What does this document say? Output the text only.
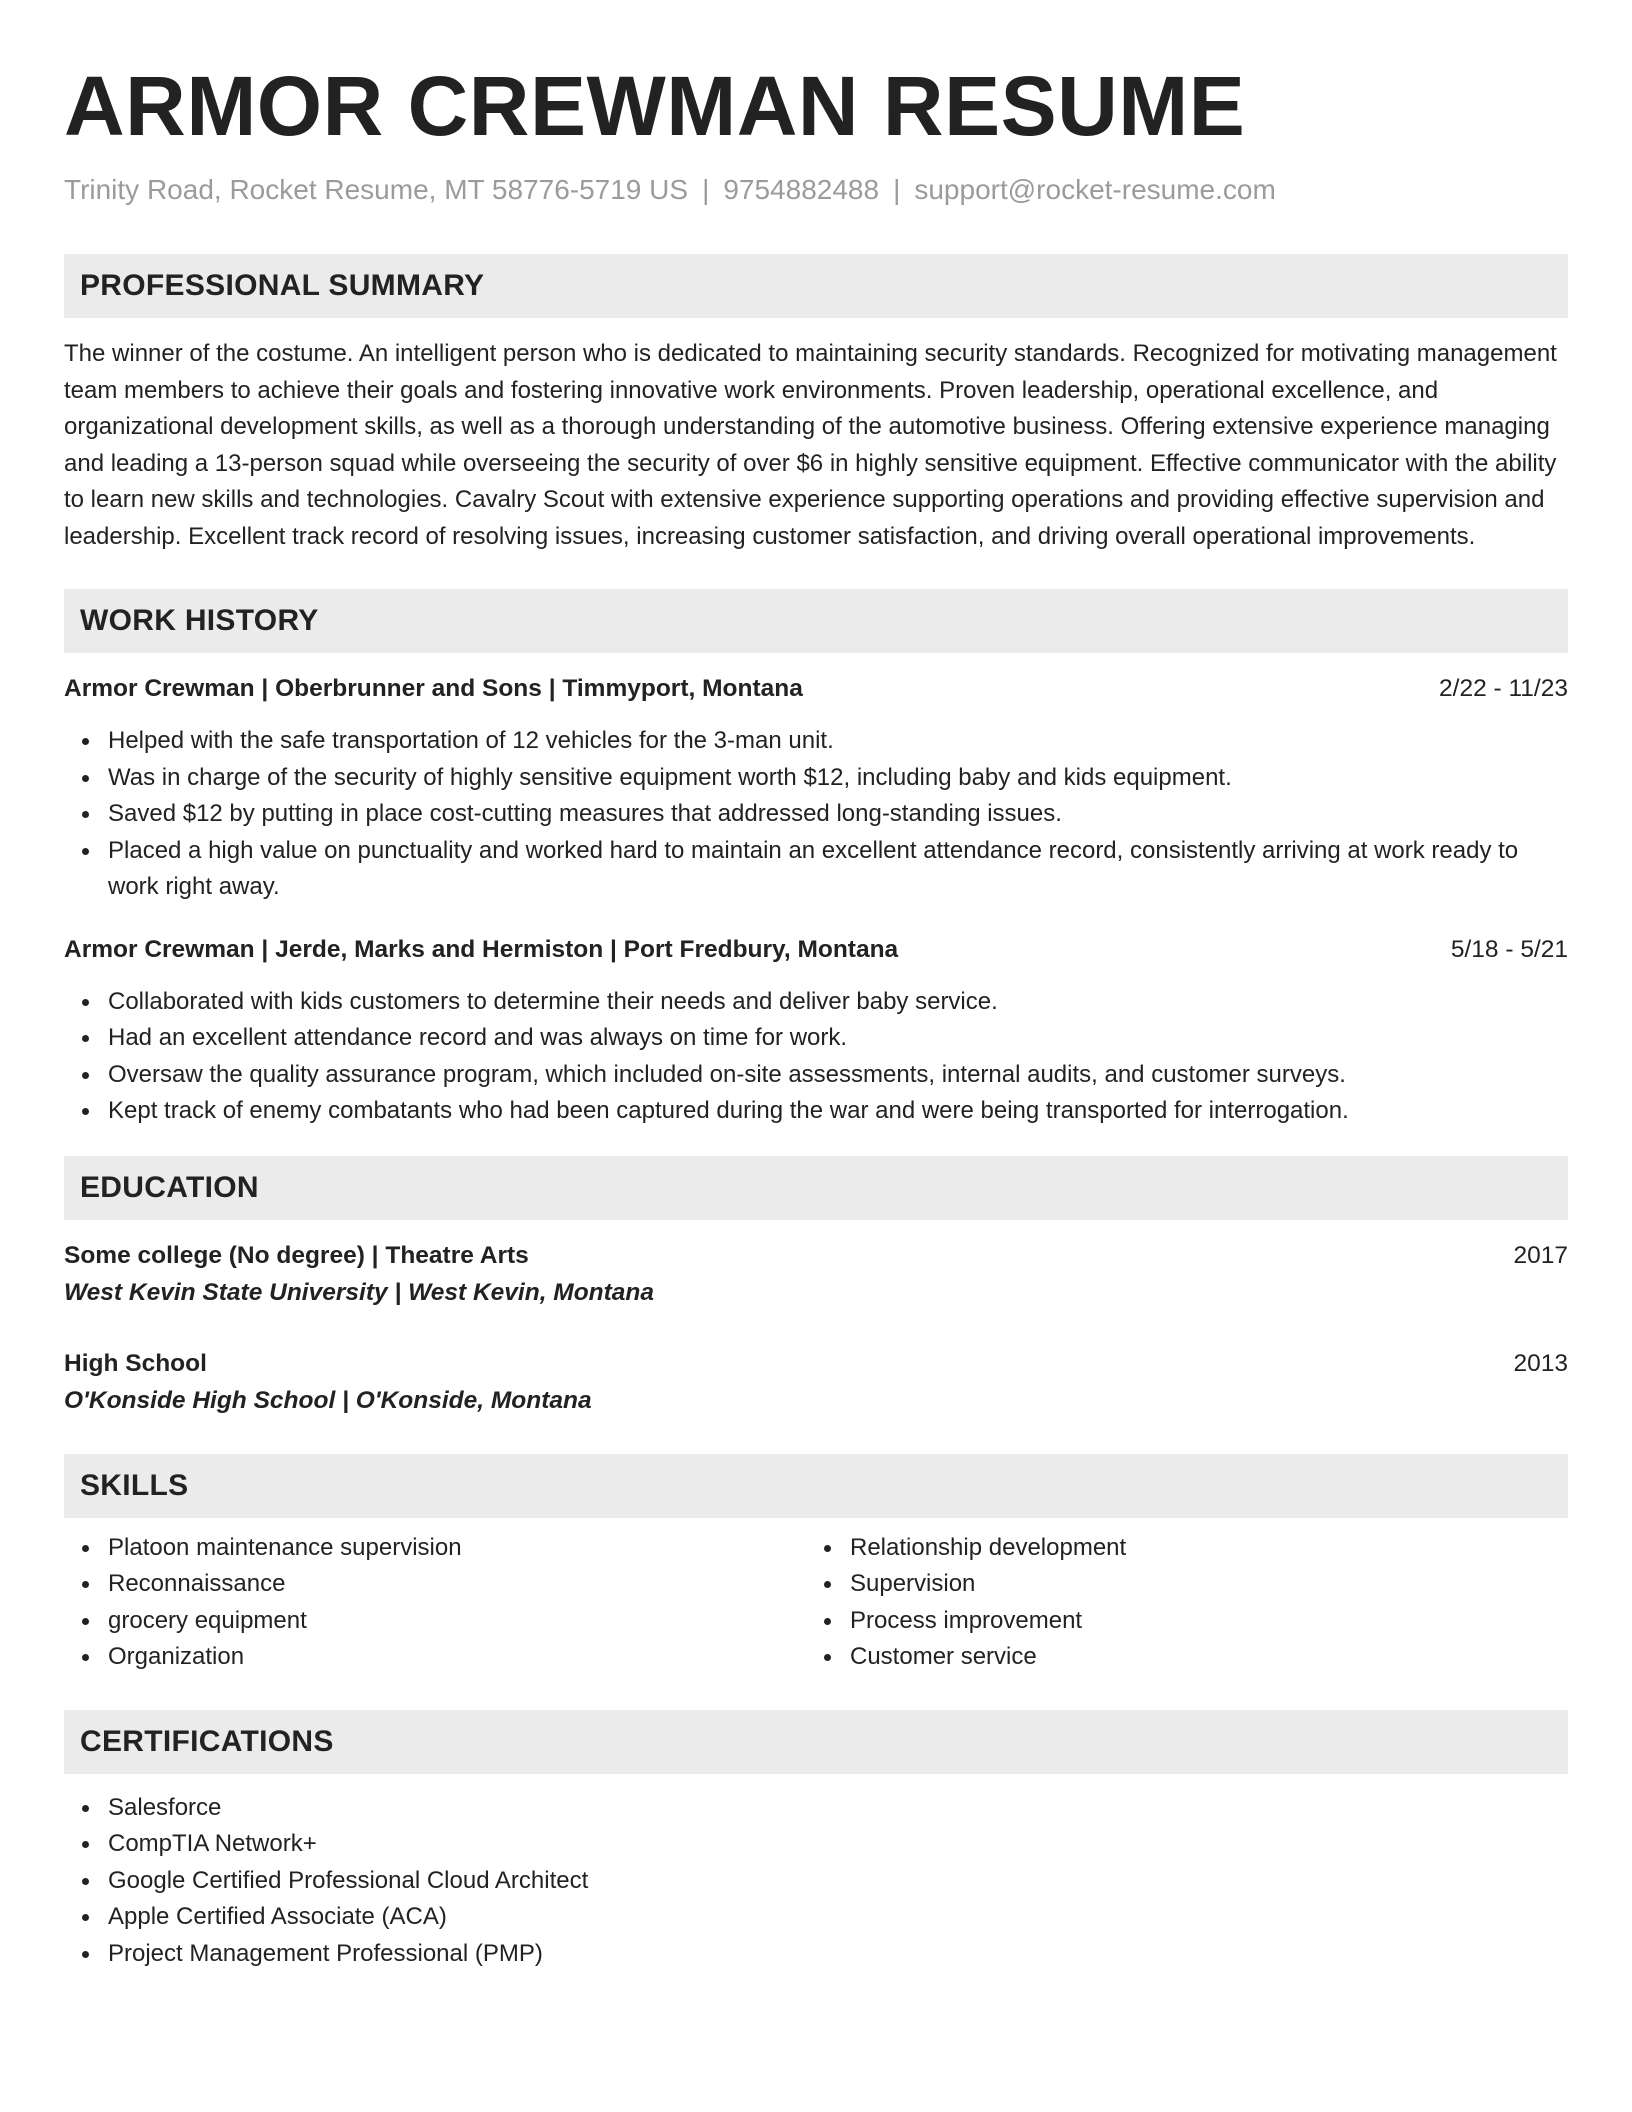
ARMOR CREWMAN RESUME
Trinity Road, Rocket Resume, MT 58776-5719 US | 9754882488 | support@rocket-resume.com
PROFESSIONAL SUMMARY

The winner of the costume. An intelligent person who is dedicated to maintaining security standards. Recognized for motivating management team members to achieve their goals and fostering innovative work environments. Proven leadership, operational excellence, and organizational development skills, as well as a thorough understanding of the automotive business. Offering extensive experience managing and leading a 13-person squad while overseeing the security of over $6 in highly sensitive equipment. Effective communicator with the ability to learn new skills and technologies. Cavalry Scout with extensive experience supporting operations and providing effective supervision and leadership. Excellent track record of resolving issues, increasing customer satisfaction, and driving overall operational improvements.

WORK HISTORY
Armor Crewman | Oberbrunner and Sons | Timmyport, Montana	2/22 - 11/23
Helped with the safe transportation of 12 vehicles for the 3-man unit.
Was in charge of the security of highly sensitive equipment worth $12, including baby and kids equipment.
Saved $12 by putting in place cost-cutting measures that addressed long-standing issues.
Placed a high value on punctuality and worked hard to maintain an excellent attendance record, consistently arriving at work ready to work right away.
Armor Crewman | Jerde, Marks and Hermiston | Port Fredbury, Montana	5/18 - 5/21
Collaborated with kids customers to determine their needs and deliver baby service.
Had an excellent attendance record and was always on time for work.
Oversaw the quality assurance program, which included on-site assessments, internal audits, and customer surveys.
Kept track of enemy combatants who had been captured during the war and were being transported for interrogation.
EDUCATION
Some college (No degree) | Theatre Arts	2017
West Kevin State University | West Kevin, Montana
High School	2013
O'Konside High School | O'Konside, Montana
SKILLS
Platoon maintenance supervision
Reconnaissance
grocery equipment
Organization
Relationship development
Supervision
Process improvement
Customer service
CERTIFICATIONS
Salesforce
CompTIA Network+
Google Certified Professional Cloud Architect
Apple Certified Associate (ACA)
Project Management Professional (PMP)
